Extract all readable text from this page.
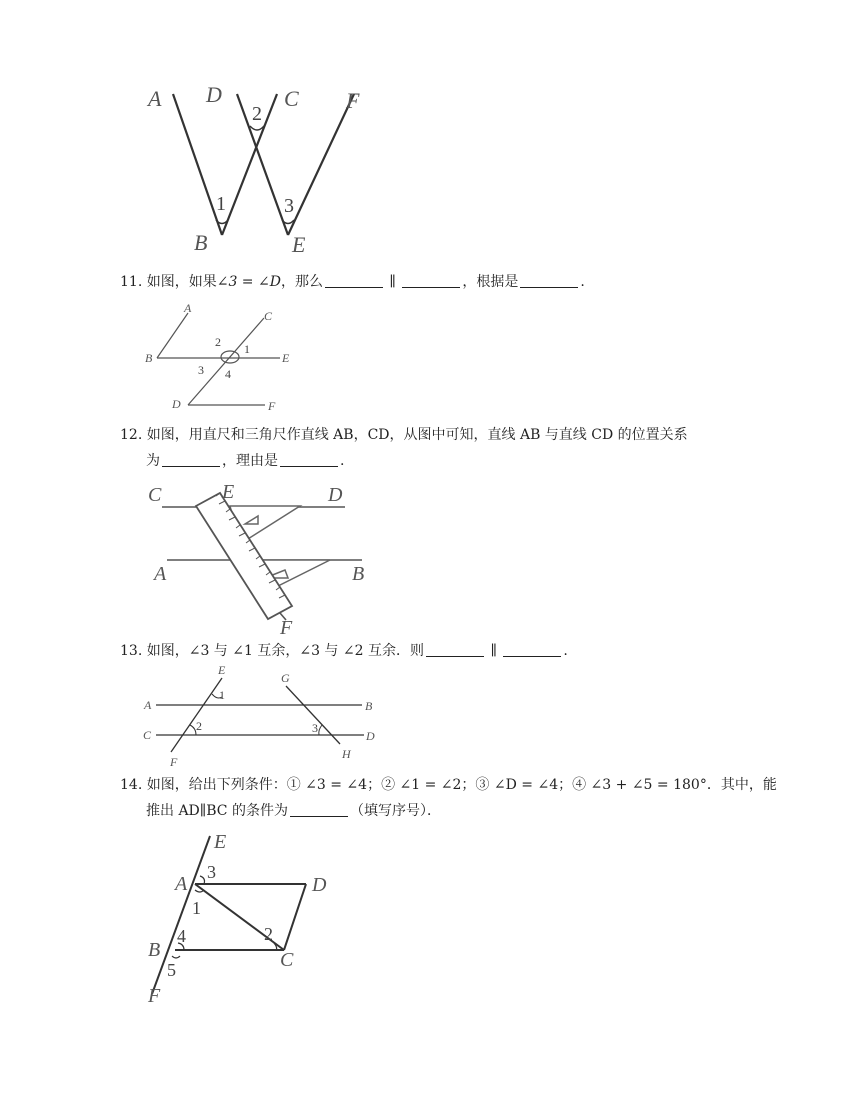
A D	C F
B	E
2
1	3
11. 如图，如果∠3 = ∠D，那么	∥	，根据是	.
A
B
C
E
D	F
2 1
3 4
12. 如图，用直尺和三角尺作直线 AB，CD，从图中可知，直线 AB 与直线 CD 的位置关系
为	，理由是	.
C	E	D
A	B
F
13. 如图，∠3 与 ∠1 互余，∠3 与 ∠2 互余．则	∥	.
E
G
A	B
C	D
F
H
1
2	3
14. 如图，给出下列条件：① ∠3 = ∠4；② ∠1 = ∠2；③ ∠D = ∠4；④ ∠3 + ∠5 = 180°．其中，能
推出 AD∥BC 的条件为	（填写序号）．
E
A	D
B	C
F
3
1
4
5
2
